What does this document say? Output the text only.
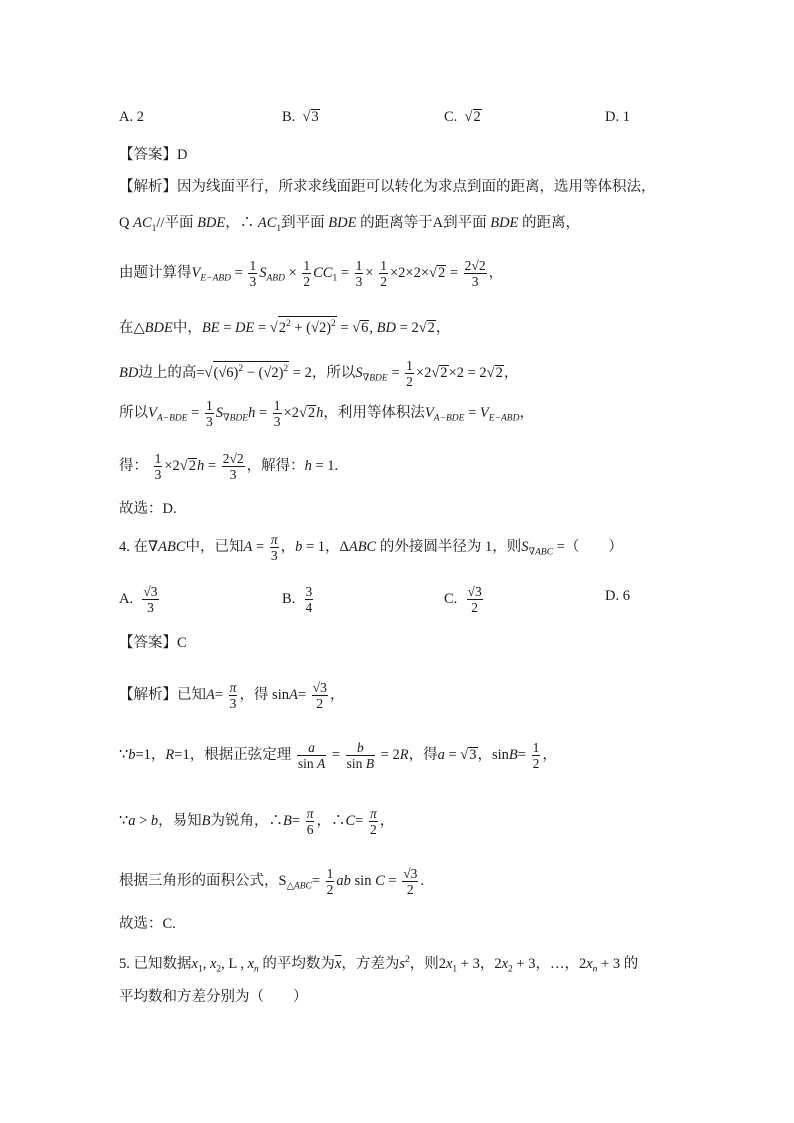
A. 2	B.  √3	C.  √2	D. 1
【答案】D
【解析】因为线面平行，所求求线面距可以转化为求点到面的距离，选用等体积法，
Q $AC_1//$平面 BDE，∴ $AC_1$到平面 BDE 的距离等于A到平面 BDE 的距离，
由题计算得$V_{E-ABD} = \frac{1}{3} S_{ABD} \times \frac{1}{2} CC_1 = \frac{1}{3} \times \frac{1}{2} \times 2\times 2\times√2 = \frac{2√2}{3}$ ，
在△BDE中，BE = DE = $√2^2 + (√2)^2 = √6$, BD = 2√2，
BD边上的高$=√(√6)^2 - (√2)^2 = 2$，所以$S_{\nabla BDE} = \frac{1}{2} \times 2√2\times 2 = 2√2$，
所以$V_{A-BDE} = \frac{1}{3} S_{\nabla BDE}h = \frac{1}{3} \times 2√2h$，利用等体积法$V_{A-BDE} = V_{E-ABD}$，
得： $\frac{1}{3} \times 2√2h = \frac{2√2}{3}$ ，解得：h = 1.
故选：D.
4. 在∇ABC中，已知$A = \frac{\pi}{3}$ ，b = 1，ΔABC 的外接圆半径为 1，则$S_{\nabla ABC}$ =（　　）
A. $\frac{√3}{3}$	B. $\frac{3}{4}$	C. $\frac{√3}{2}$	D. 6
【答案】C
【解析】已知$A= \frac{\pi}{3}$ ，得 $\sin A= \frac{√3}{2}$ ，
∵b=1，R=1，根据正弦定理 $\frac{a}{\text{sin A}} = \frac{b}{\text{sin B}} = 2R$，得a = √3，$\sin B= \frac{1}{2}$ ，
∵a > b，易知B为锐角，∴B= $\frac{\pi}{6}$ ，∴C= $\frac{\pi}{2}$ ，
根据三角形的面积公式，$S_{\triangle ABC}= \frac{1}{2}$ ab $\sin C = \frac{√3}{2}$ .
故选：C.
5. 已知数据$x_1$, $x_2$, L , $x_n$ 的平均数为$\overline{x}$，方差为$s^2$，则$2x_1 + 3$，$2x_2 + 3$，…，$2x_n + 3$ 的
平均数和方差分别为（　　）
